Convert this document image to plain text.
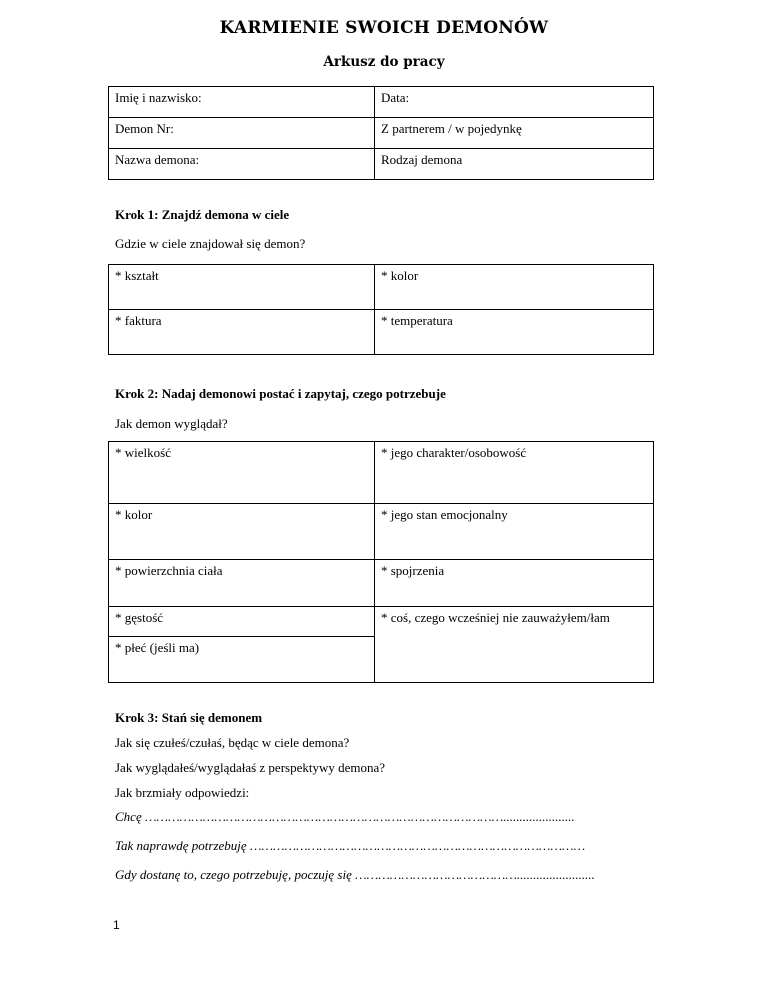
KARMIENIE SWOICH DEMONÓW
Arkusz do pracy
Imię i nazwisko:	Data:
Demon Nr:	Z partnerem / w pojedynkę
Nazwa demona:	Rodzaj demona
Krok 1: Znajdź demona w ciele
Gdzie w ciele znajdował się demon?
* kształt	* kolor
* faktura	* temperatura
Krok 2: Nadaj demonowi postać i zapytaj, czego potrzebuje
Jak demon wyglądał?
* wielkość	* jego charakter/osobowość
* kolor	* jego stan emocjonalny
* powierzchnia ciała	* spojrzenia
* gęstość	* coś, czego wcześniej nie zauważyłem/łam
* płeć (jeśli ma)	
Krok 3: Stań się demonem
Jak się czułeś/czułaś, będąc w ciele demona?
Jak wyglądałeś/wyglądałaś z perspektywy demona?
Jak brzmiały odpowiedzi:
Chcę …………………………………………………………………………………......................
Tak naprawdę potrzebuję ……………………………………………………………………………
Gdy dostanę to, czego potrzebuję, poczuję się ……………………………………........................
1
